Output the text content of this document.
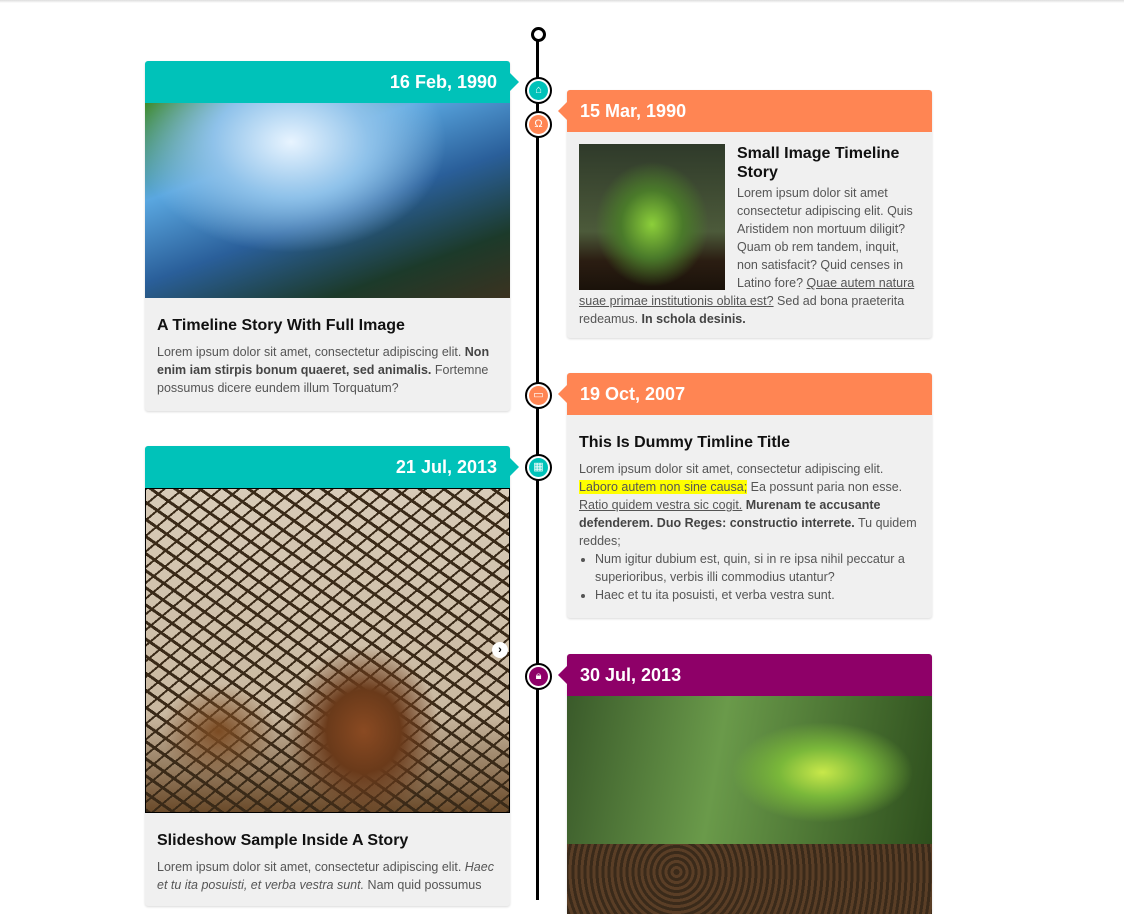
⌂
Ω
▭
▦
🔒︎
16 Feb, 1990
A Timeline Story With Full Image

Lorem ipsum dolor sit amet, consectetur adipiscing elit. Non enim iam stirpis bonum quaeret, sed animalis. Fortemne possumus dicere eundem illum Torquatum?

15 Mar, 1990
Small Image Timeline Story

Lorem ipsum dolor sit amet consectetur adipiscing elit. Quis Aristidem non mortuum diligit? Quam ob rem tandem, inquit, non satisfacit? Quid censes in Latino fore? Quae autem natura suae primae institutionis oblita est? Sed ad bona praeterita redeamus. In schola desinis.

19 Oct, 2007
This Is Dummy Timline Title

Lorem ipsum dolor sit amet, consectetur adipiscing elit. Laboro autem non sine causa; Ea possunt paria non esse. Ratio quidem vestra sic cogit. Murenam te accusante defenderem. Duo Reges: constructio interrete. Tu quidem reddes;

• Num igitur dubium est, quin, si in re ipsa nihil peccatur a superioribus, verbis illi commodius utantur?
• Haec et tu ita posuisti, et verba vestra sunt.
21 Jul, 2013
›
Slideshow Sample Inside A Story

Lorem ipsum dolor sit amet, consectetur adipiscing elit. Haec et tu ita posuisti, et verba vestra sunt. Nam quid possumus

30 Jul, 2013
